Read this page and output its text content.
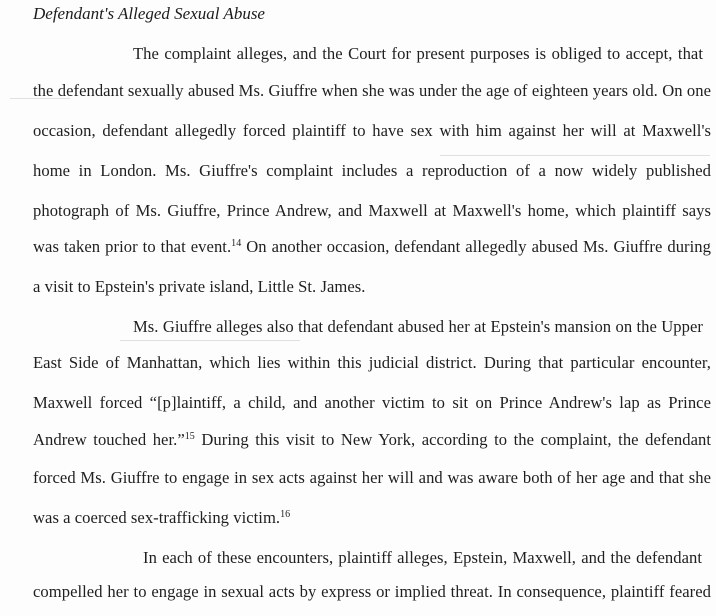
Defendant's Alleged Sexual Abuse
The complaint alleges, and the Court for present purposes is obliged to accept, that
the defendant sexually abused Ms. Giuffre when she was under the age of eighteen years old. On one
occasion, defendant allegedly forced plaintiff to have sex with him against her will at Maxwell's
home in London. Ms. Giuffre's complaint includes a reproduction of a now widely published
photograph of Ms. Giuffre, Prince Andrew, and Maxwell at Maxwell's home, which plaintiff says
was taken prior to that event.$^{14}$ On another occasion, defendant allegedly abused Ms. Giuffre during
a visit to Epstein's private island, Little St. James.
Ms. Giuffre alleges also that defendant abused her at Epstein's mansion on the Upper
East Side of Manhattan, which lies within this judicial district. During that particular encounter,
Maxwell forced “[p]laintiff, a child, and another victim to sit on Prince Andrew's lap as Prince
Andrew touched her.”$^{15}$ During this visit to New York, according to the complaint, the defendant
forced Ms. Giuffre to engage in sex acts against her will and was aware both of her age and that she
was a coerced sex-trafficking victim.$^{16}$
In each of these encounters, plaintiff alleges, Epstein, Maxwell, and the defendant
compelled her to engage in sexual acts by express or implied threat. In consequence, plaintiff feared
